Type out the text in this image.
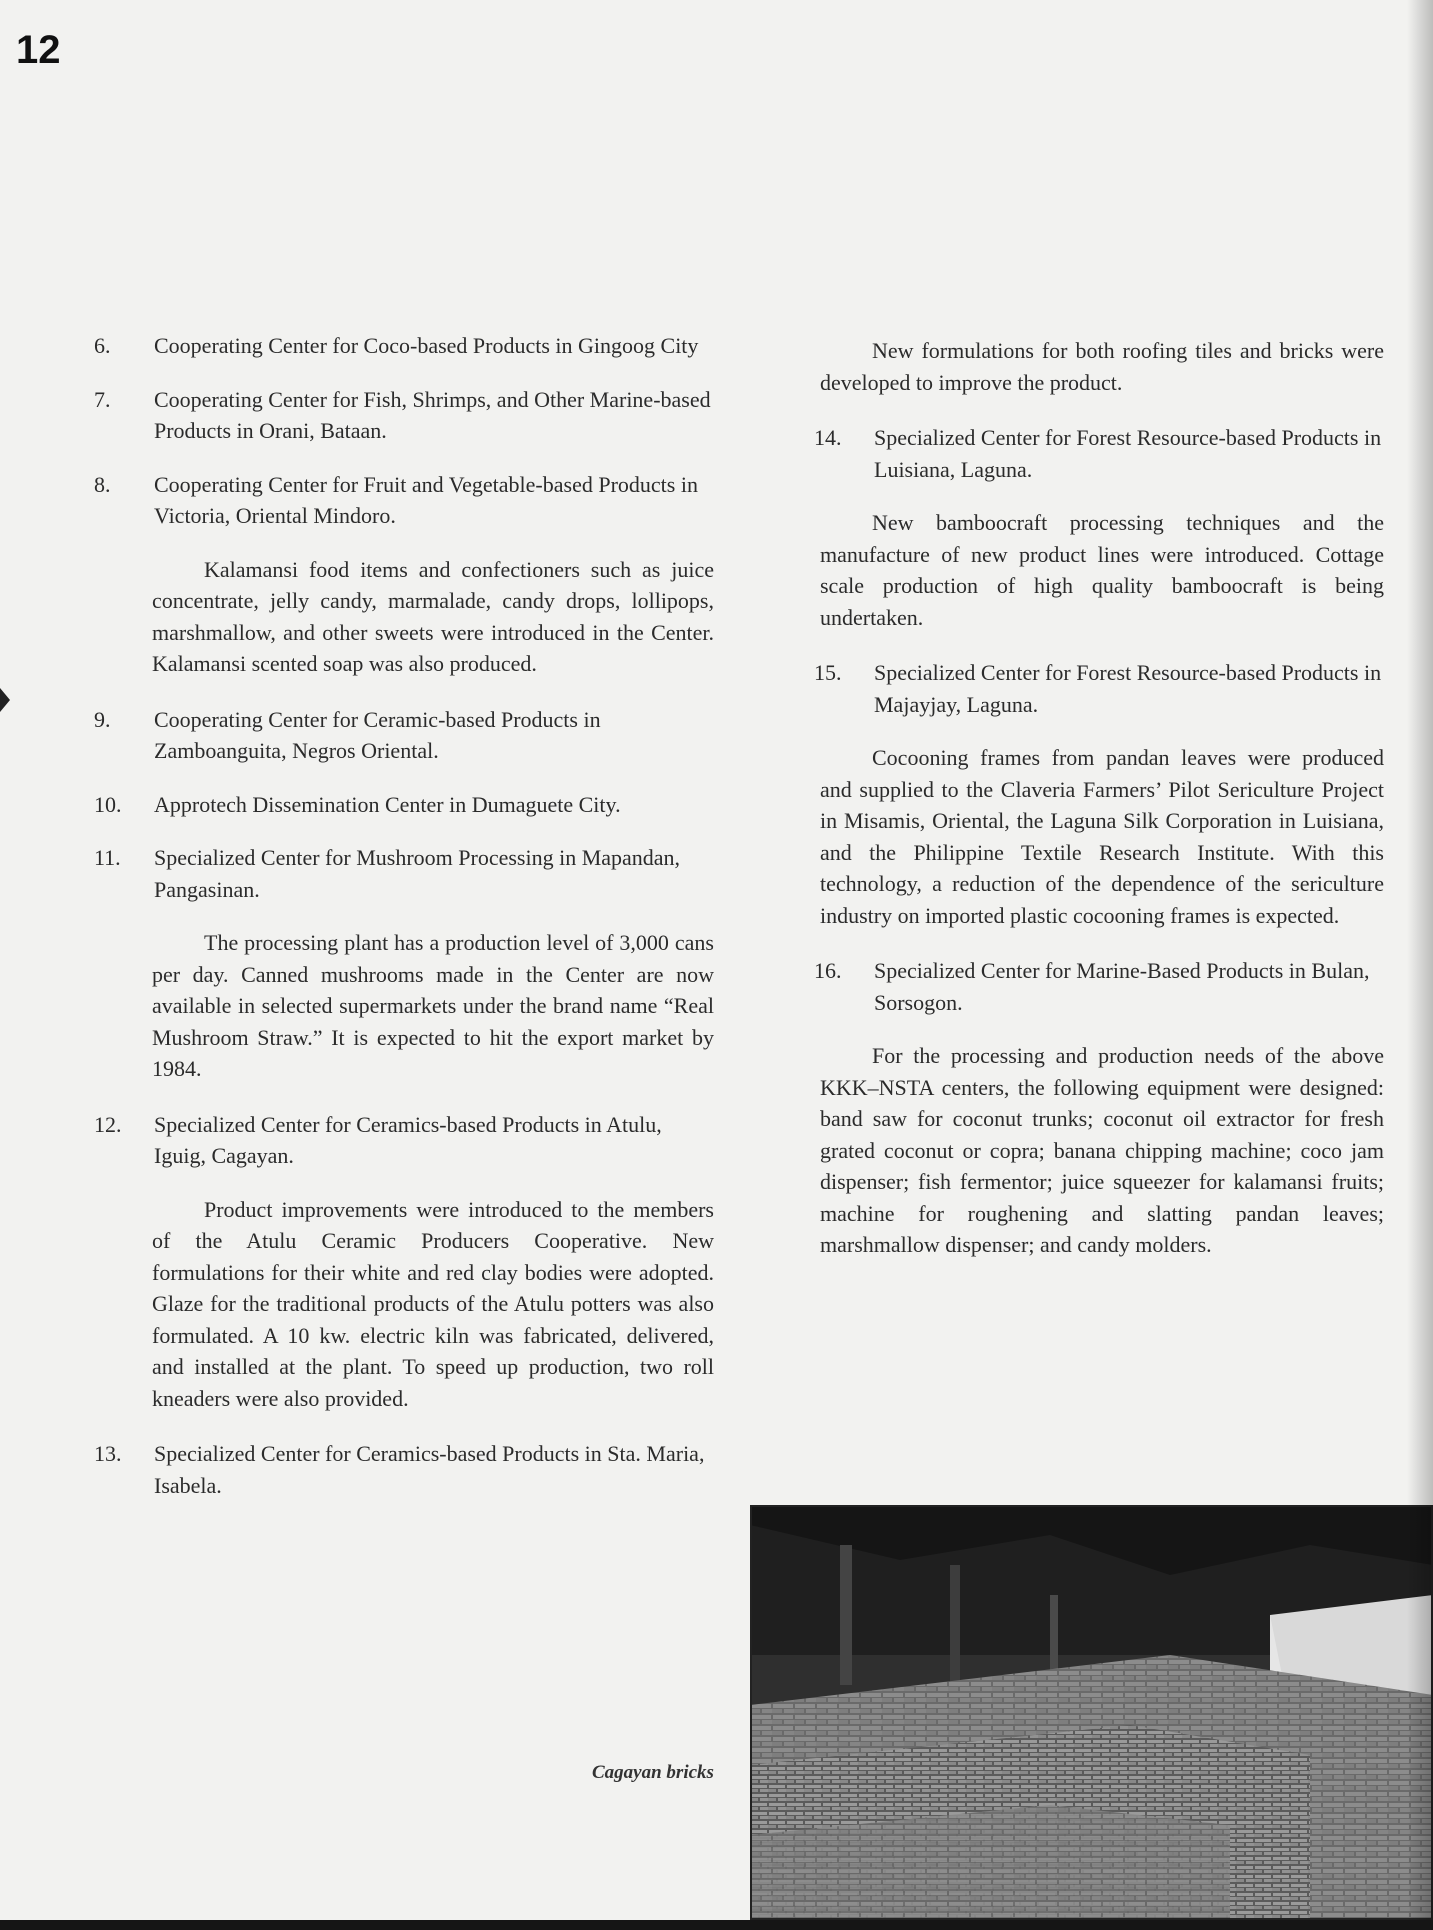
12
6.	Cooperating Center for Coco-based Products in Gingoog City
7.	Cooperating Center for Fish, Shrimps, and Other Marine-based Products in Orani, Bataan.
8.	Cooperating Center for Fruit and Vegetable-based Products in Victoria, Oriental Mindoro.

Kalamansi food items and confectioners such as juice concentrate, jelly candy, marmalade, candy drops, lollipops, marshmallow, and other sweets were introduced in the Center. Kalamansi scented soap was also produced.

9.	Cooperating Center for Ceramic-based Products in Zamboanguita, Negros Oriental.
10.	Approtech Dissemination Center in Dumaguete City.
11.	Specialized Center for Mushroom Processing in Mapandan, Pangasinan.

The processing plant has a production level of 3,000 cans per day. Canned mushrooms made in the Center are now available in selected supermarkets under the brand name “Real Mushroom Straw.” It is expected to hit the export market by 1984.

12.	Specialized Center for Ceramics-based Products in Atulu, Iguig, Cagayan.

Product improvements were introduced to the members of the Atulu Ceramic Producers Cooperative. New formulations for their white and red clay bodies were adopted. Glaze for the traditional products of the Atulu potters was also formulated. A 10 kw. electric kiln was fabricated, delivered, and installed at the plant. To speed up production, two roll kneaders were also provided.

13.	Specialized Center for Ceramics-based Products in Sta. Maria, Isabela.

New formulations for both roofing tiles and bricks were developed to improve the product.

14.	Specialized Center for Forest Resource-based Products in Luisiana, Laguna.

New bamboocraft processing techniques and the manufacture of new product lines were introduced. Cottage scale production of high quality bamboocraft is being undertaken.

15.	Specialized Center for Forest Resource-based Products in Majayjay, Laguna.

Cocooning frames from pandan leaves were produced and supplied to the Claveria Farmers’ Pilot Sericulture Project in Misamis, Oriental, the Laguna Silk Corporation in Luisiana, and the Philippine Textile Research Institute. With this technology, a reduction of the dependence of the sericulture industry on imported plastic cocooning frames is expected.

16.	Specialized Center for Marine-Based Products in Bulan, Sorsogon.

For the processing and production needs of the above KKK–NSTA centers, the following equipment were designed: band saw for coconut trunks; coconut oil extractor for fresh grated coconut or copra; banana chipping machine; coco jam dispenser; fish fermentor; juice squeezer for kalamansi fruits; machine for roughening and slatting pandan leaves; marshmallow dispenser; and candy molders.

Cagayan bricks
